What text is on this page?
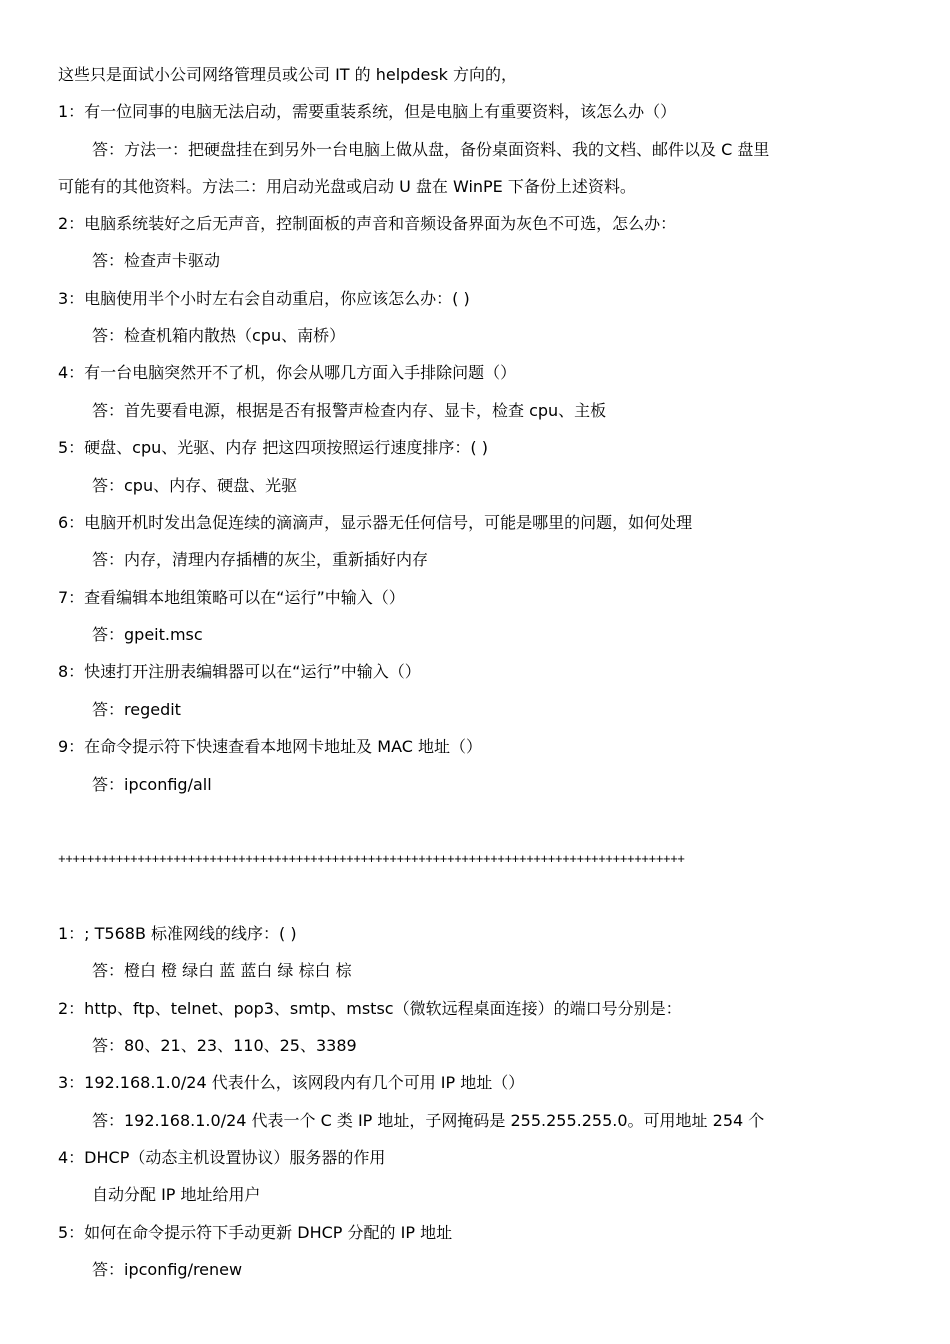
这些只是面试小公司网络管理员或公司 IT 的 helpdesk 方向的，
1：有一位同事的电脑无法启动，需要重装系统，但是电脑上有重要资料，该怎么办（）
答：方法一：把硬盘挂在到另外一台电脑上做从盘，备份桌面资料、我的文档、邮件以及 C 盘里
可能有的其他资料。方法二：用启动光盘或启动 U 盘在 WinPE 下备份上述资料。
2：电脑系统装好之后无声音，控制面板的声音和音频设备界面为灰色不可选，怎么办：
答：检查声卡驱动
3：电脑使用半个小时左右会自动重启，你应该怎么办：( )
答：检查机箱内散热（cpu、南桥）
4：有一台电脑突然开不了机，你会从哪几方面入手排除问题（）
答：首先要看电源，根据是否有报警声检查内存、显卡，检查 cpu、主板
5：硬盘、cpu、光驱、内存 把这四项按照运行速度排序：( )
答：cpu、内存、硬盘、光驱
6：电脑开机时发出急促连续的滴滴声，显示器无任何信号，可能是哪里的问题，如何处理
答：内存，清理内存插槽的灰尘，重新插好内存
7：查看编辑本地组策略可以在“运行”中输入（）
答：gpeit.msc
8：快速打开注册表编辑器可以在“运行”中输入（）
答：regedit
9：在命令提示符下快速查看本地网卡地址及 MAC 地址（）
答：ipconfig/all
+++++++++++++++++++++++++++++++++++++++++++++++++++++++++++++++++++++++++++++++++++++++
1：; T568B 标准网线的线序：( )
答：橙白 橙 绿白 蓝 蓝白 绿 棕白 棕
2：http、ftp、telnet、pop3、smtp、mstsc（微软远程桌面连接）的端口号分别是：
答：80、21、23、110、25、3389
3：192.168.1.0/24 代表什么，该网段内有几个可用 IP 地址（）
答：192.168.1.0/24 代表一个 C 类 IP 地址，子网掩码是 255.255.255.0。可用地址 254 个
4：DHCP（动态主机设置协议）服务器的作用
自动分配 IP 地址给用户
5：如何在命令提示符下手动更新 DHCP 分配的 IP 地址
答：ipconfig/renew
